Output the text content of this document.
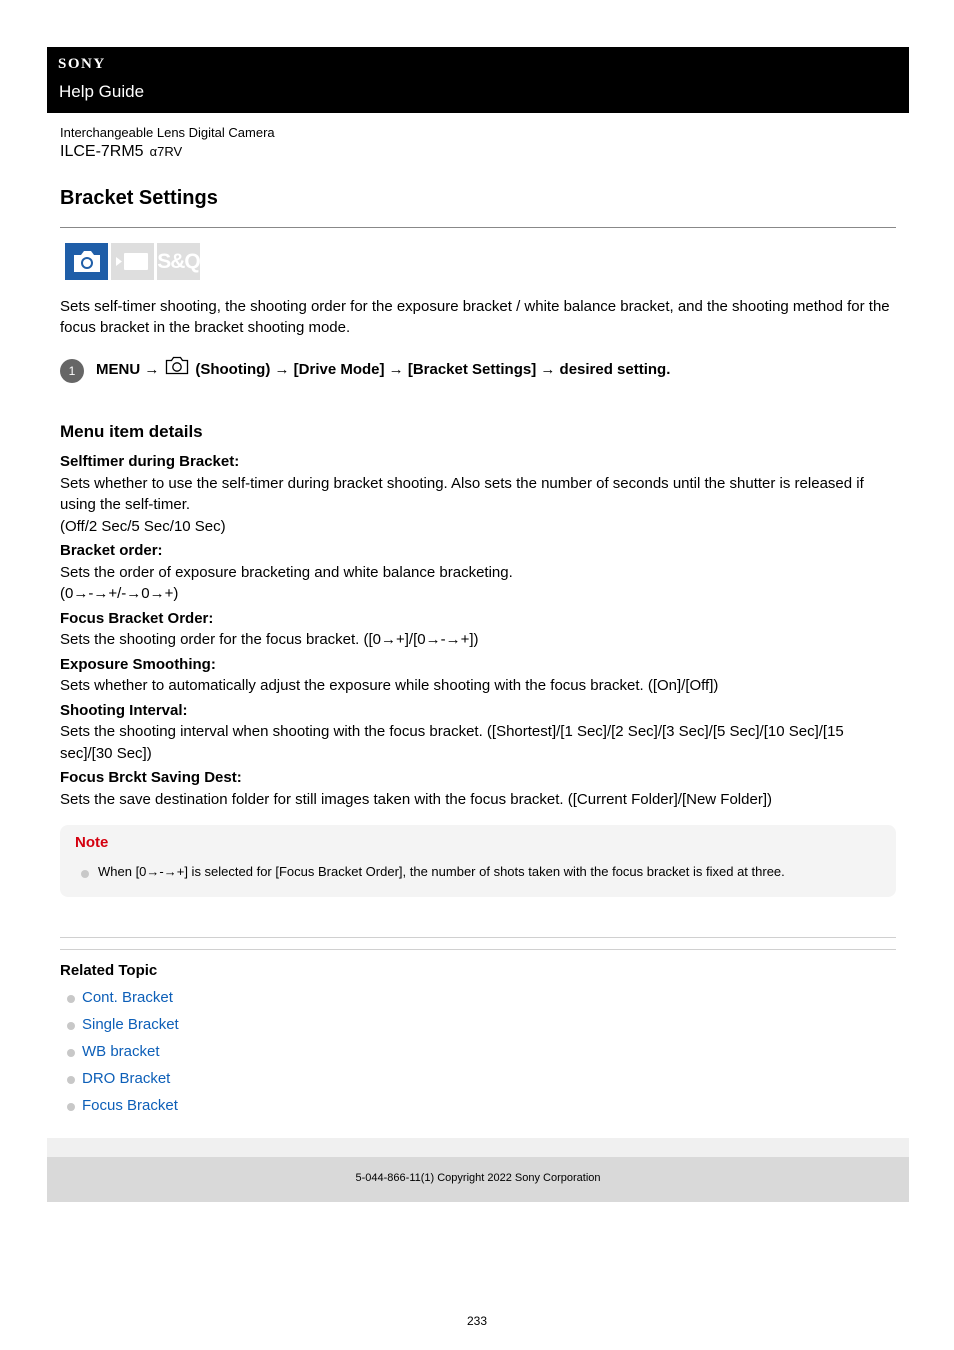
SONY
Help Guide
Interchangeable Lens Digital Camera
ILCE-7RM5 α7RV
Bracket Settings
S&Q
Sets self-timer shooting, the shooting order for the exposure bracket / white balance bracket, and the shooting method for the focus bracket in the bracket shooting mode.
1	MENU → (Shooting) → [Drive Mode] → [Bracket Settings] → desired setting.
Menu item details
Selftimer during Bracket:
Sets whether to use the self-timer during bracket shooting. Also sets the number of seconds until the shutter is released if using the self-timer.
(Off/2 Sec/5 Sec/10 Sec)
Bracket order:
Sets the order of exposure bracketing and white balance bracketing.
(0→-→+/-→0→+)
Focus Bracket Order:
Sets the shooting order for the focus bracket. ([0→+]/[0→-→+])
Exposure Smoothing:
Sets whether to automatically adjust the exposure while shooting with the focus bracket. ([On]/[Off])
Shooting Interval:
Sets the shooting interval when shooting with the focus bracket. ([Shortest]/[1 Sec]/[2 Sec]/[3 Sec]/[5 Sec]/[10 Sec]/[15 sec]/[30 Sec])
Focus Brckt Saving Dest:
Sets the save destination folder for still images taken with the focus bracket. ([Current Folder]/[New Folder])
Note
When [0→-→+] is selected for [Focus Bracket Order], the number of shots taken with the focus bracket is fixed at three.
Related Topic
Cont. Bracket
Single Bracket
WB bracket
DRO Bracket
Focus Bracket
5-044-866-11(1) Copyright 2022 Sony Corporation
233
